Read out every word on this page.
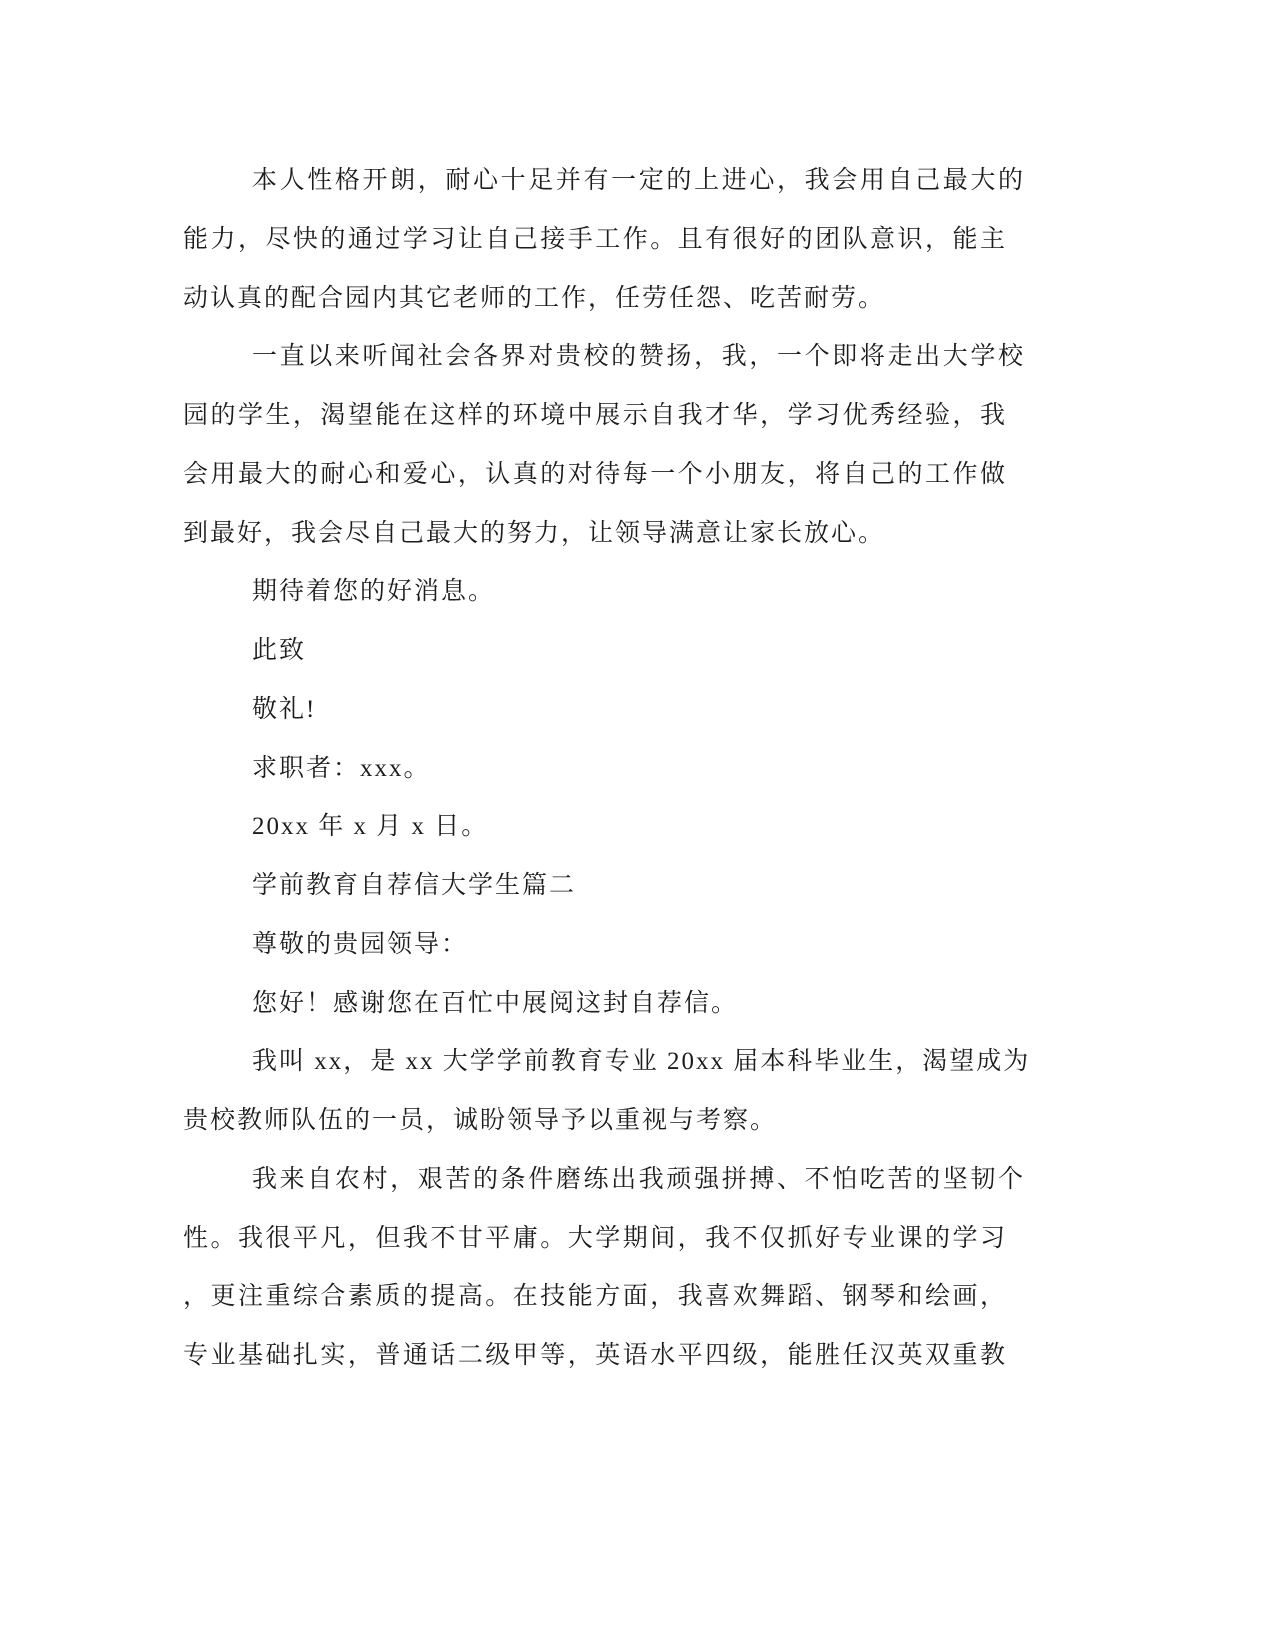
本人性格开朗，耐心十足并有一定的上进心，我会用自己最大的
能力，尽快的通过学习让自己接手工作。且有很好的团队意识，能主
动认真的配合园内其它老师的工作，任劳任怨、吃苦耐劳。
一直以来听闻社会各界对贵校的赞扬，我，一个即将走出大学校
园的学生，渴望能在这样的环境中展示自我才华，学习优秀经验，我
会用最大的耐心和爱心，认真的对待每一个小朋友，将自己的工作做
到最好，我会尽自己最大的努力，让领导满意让家长放心。
期待着您的好消息。
此致
敬礼!
求职者：xxx。
20xx 年 x 月 x 日。
学前教育自荐信大学生篇二
尊敬的贵园领导：
您好！感谢您在百忙中展阅这封自荐信。
我叫 xx，是 xx 大学学前教育专业 20xx 届本科毕业生，渴望成为
贵校教师队伍的一员，诚盼领导予以重视与考察。
我来自农村，艰苦的条件磨练出我顽强拼搏、不怕吃苦的坚韧个
性。我很平凡，但我不甘平庸。大学期间，我不仅抓好专业课的学习
，更注重综合素质的提高。在技能方面，我喜欢舞蹈、钢琴和绘画，
专业基础扎实，普通话二级甲等，英语水平四级，能胜任汉英双重教
